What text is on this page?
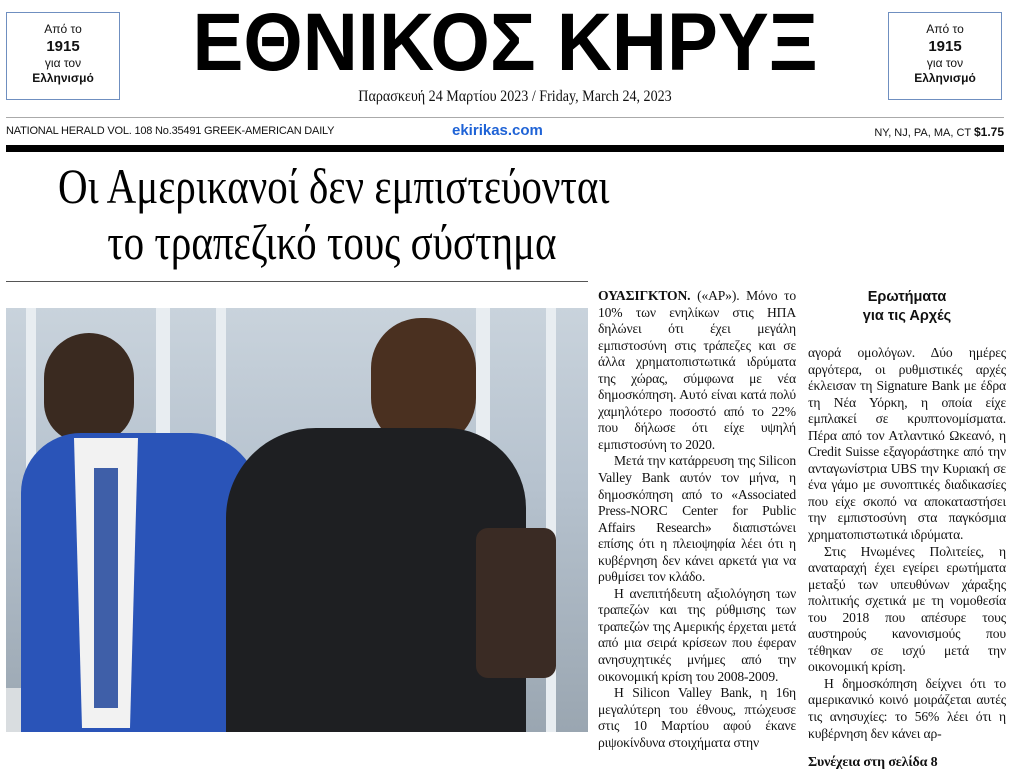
Από το
1915
για τον
Ελληνισμό	ΕΘΝΙΚΟΣ ΚΗΡΥΞ	Από το
1915
για τον
Ελληνισμό
Παρασκευή 24 Μαρτίου 2023 / Friday, March 24, 2023
NATIONAL HERALD VOL. 108 No.35491 GREEK-AMERICAN DAILY	ekirikas.com	NY, NJ, PA, MA, CT $1.75
Οι Αμερικανοί δεν εμπιστεύονται
το τραπεζικό τους σύστημα

ΟΥΑΣΙΓΚΤΟΝ. («ΑΡ»). Μόνο το 10% των ενηλίκων στις ΗΠΑ δηλώνει ότι έχει μεγάλη εμπιστοσύνη στις τράπεζες και σε άλλα χρηματοπιστωτικά ιδρύματα της χώρας, σύμφωνα με νέα δημοσκόπηση. Αυτό είναι κατά πολύ χαμηλότερο ποσοστό από το 22% που δήλωσε ότι είχε υψηλή εμπιστοσύνη το 2020.

Μετά την κατάρρευση της Silicon Valley Bank αυτόν τον μήνα, η δημοσκόπηση από το «Associated Press-NORC Center for Public Affairs Research» διαπιστώνει επίσης ότι η πλειοψηφία λέει ότι η κυβέρνηση δεν κάνει αρκετά για να ρυθμίσει τον κλάδο.

Η ανεπιτήδευτη αξιολόγηση των τραπεζών και της ρύθμισης των τραπεζών της Αμερικής έρχεται μετά από μια σειρά κρίσεων που έφεραν ανησυχητικές μνήμες από την οικονομική κρίση του 2008-2009.

Η Silicon Valley Bank, η 16η μεγαλύτερη του έθνους, πτώχευσε στις 10 Μαρτίου αφού έκανε ριψοκίνδυνα στοιχήματα στην

Ερωτήματα
για τις Αρχές

αγορά ομολόγων. Δύο ημέρες αργότερα, οι ρυθμιστικές αρχές έκλεισαν τη Signature Bank με έδρα τη Νέα Υόρκη, η οποία είχε εμπλακεί σε κρυπτονομίσματα. Πέρα από τον Ατλαντικό Ωκεανό, η Credit Suisse εξαγοράστηκε από την ανταγωνίστρια UBS την Κυριακή σε ένα γάμο με συνοπτικές διαδικασίες που είχε σκοπό να αποκαταστήσει την εμπιστοσύνη στα παγκόσμια χρηματοπιστωτικά ιδρύματα.

Στις Ηνωμένες Πολιτείες, η αναταραχή έχει εγείρει ερωτήματα μεταξύ των υπευθύνων χάραξης πολιτικής σχετικά με τη νομοθεσία του 2018 που απέσυρε τους αυστηρούς κανονισμούς που τέθηκαν σε ισχύ μετά την οικονομική κρίση.

Η δημοσκόπηση δείχνει ότι το αμερικανικό κοινό μοιράζεται αυτές τις ανησυχίες: το 56% λέει ότι η κυβέρνηση δεν κάνει αρ-

Συνέχεια στη σελίδα 8
